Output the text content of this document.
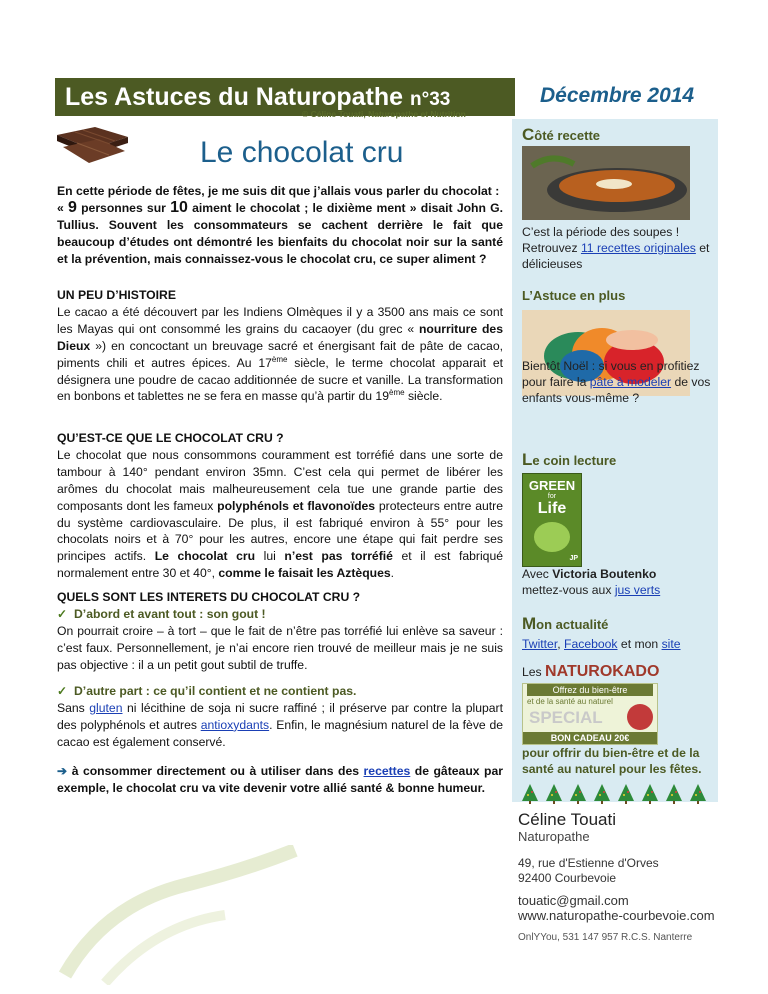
Les Astuces du Naturopathe n°33
© Céline Touati, Naturopathe et Nutrition
Décembre 2014
Le chocolat cru

En cette période de fêtes, je me suis dit que j’allais vous parler du chocolat :
« 9 personnes sur 10 aiment le chocolat ; le dixième ment » disait John G. Tullius. Souvent les consommateurs se cachent derrière le fait que beaucoup d’études ont démontré les bienfaits du chocolat noir sur la santé et la prévention, mais connaissez-vous le chocolat cru, ce super aliment ?

UN PEU D’HISTOIRE

Le cacao a été découvert par les Indiens Olmèques il y a 3500 ans mais ce sont les Mayas qui ont consommé les grains du cacaoyer (du grec « nourriture des Dieux ») en concoctant un breuvage sacré et énergisant fait de pâte de cacao, piments chili et autres épices. Au 17ème siècle, le terme chocolat apparait et désignera une poudre de cacao additionnée de sucre et vanille. La transformation en bonbons et tablettes ne se fera en masse qu’à partir du 19ème siècle.

QU’EST-CE QUE LE CHOCOLAT CRU ?

Le chocolat que nous consommons couramment est torréfié dans une sorte de tambour à 140° pendant environ 35mn. C’est cela qui permet de libérer les arômes du chocolat mais malheureusement cela tue une grande partie des composants dont les fameux polyphénols et flavonoïdes protecteurs entre autre du système cardiovasculaire. De plus, il est fabriqué environ à 55° pour les chocolats noirs et à 70° pour les autres, encore une étape qui fait perdre ses principes actifs. Le chocolat cru lui n’est pas torréfié et il est fabriqué normalement entre 30 et 40°, comme le faisait les Aztèques.

QUELS SONT LES INTERETS DU CHOCOLAT CRU ?

✓ D’abord et avant tout : son gout !

On pourrait croire – à tort – que le fait de n’être pas torréfié lui enlève sa saveur : c’est faux. Personnellement, je n’ai encore rien trouvé de meilleur mais je ne suis pas objective : il a un petit gout subtil de truffe.

✓ D’autre part : ce qu’il contient et ne contient pas.

Sans gluten ni lécithine de soja ni sucre raffiné ; il préserve par contre la plupart des polyphénols et autres antioxydants. Enfin, le magnésium naturel de la fève de cacao est également conservé.

➔ à consommer directement ou à utiliser dans des recettes de gâteaux par exemple, le chocolat cru va vite devenir votre allié santé & bonne humeur.

Côté recette
C’est la période des soupes ! Retrouvez 11 recettes originales et délicieuses
L’Astuce en plus
Bientôt Noël : si vous en profitiez pour faire la pâte à modeler de vos enfants vous-même ?
Le coin lecture
GREEN
for
Life
JP
Avec Victoria Boutenko
mettez-vous aux jus verts
Mon actualité
Twitter, Facebook et mon site
Les NATUROKADO
Offrez du bien-être
et de la santé au naturel
SPECIAL
BON CADEAU 20€
pour offrir du bien-être et de la santé au naturel pour les fêtes.
Céline Touati
Naturopathe
49, rue d'Estienne d'Orves
92400 Courbevoie
touatic@gmail.com
www.naturopathe-courbevoie.com
OnlYYou, 531 147 957 R.C.S. Nanterre
